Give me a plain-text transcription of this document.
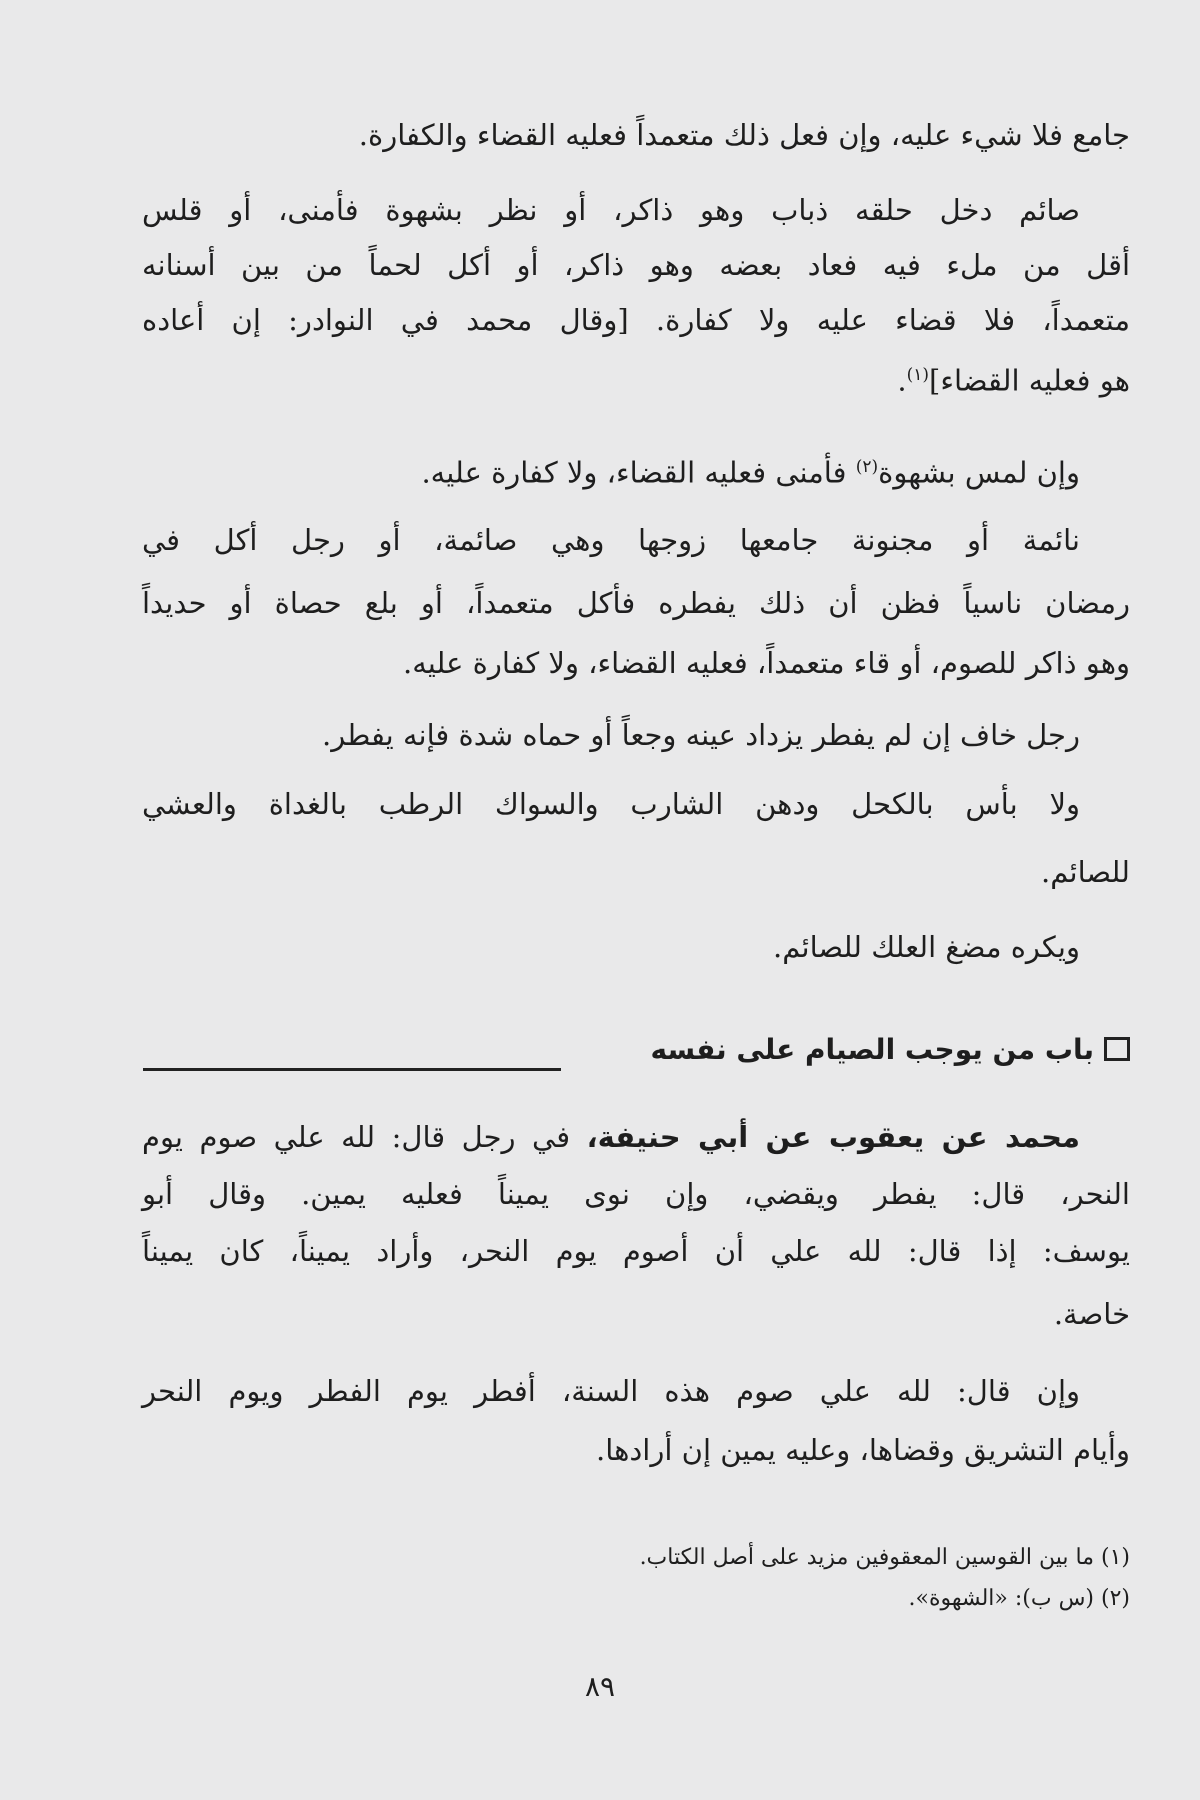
جامع فلا شيء عليه، وإن فعل ذلك متعمداً فعليه القضاء والكفارة.
صائم دخل حلقه ذباب وهو ذاكر، أو نظر بشهوة فأمنى، أو قلس
أقل من ملء فيه فعاد بعضه وهو ذاكر، أو أكل لحماً من بين أسنانه
متعمداً، فلا قضاء عليه ولا كفارة. [وقال محمد في النوادر: إن أعاده
هو فعليه القضاء]$^{(١)}$.
وإن لمس بشهوة$^{(٢)}$ فأمنى فعليه القضاء، ولا كفارة عليه.
نائمة أو مجنونة جامعها زوجها وهي صائمة، أو رجل أكل في
رمضان ناسياً فظن أن ذلك يفطره فأكل متعمداً، أو بلع حصاة أو حديداً
وهو ذاكر للصوم، أو قاء متعمداً، فعليه القضاء، ولا كفارة عليه.
رجل خاف إن لم يفطر يزداد عينه وجعاً أو حماه شدة فإنه يفطر.
ولا بأس بالكحل ودهن الشارب والسواك الرطب بالغداة والعشي
للصائم.
ويكره مضغ العلك للصائم.
باب من يوجب الصيام على نفسه
محمد عن يعقوب عن أبي حنيفة، في رجل قال: لله علي صوم يوم
النحر، قال: يفطر ويقضي، وإن نوى يميناً فعليه يمين. وقال أبو
يوسف: إذا قال: لله علي أن أصوم يوم النحر، وأراد يميناً، كان يميناً
خاصة.
وإن قال: لله علي صوم هذه السنة، أفطر يوم الفطر ويوم النحر
وأيام التشريق وقضاها، وعليه يمين إن أرادها.
(١) ما بين القوسين المعقوفين مزيد على أصل الكتاب.
(٢) (س ب): «الشهوة».
٨٩
